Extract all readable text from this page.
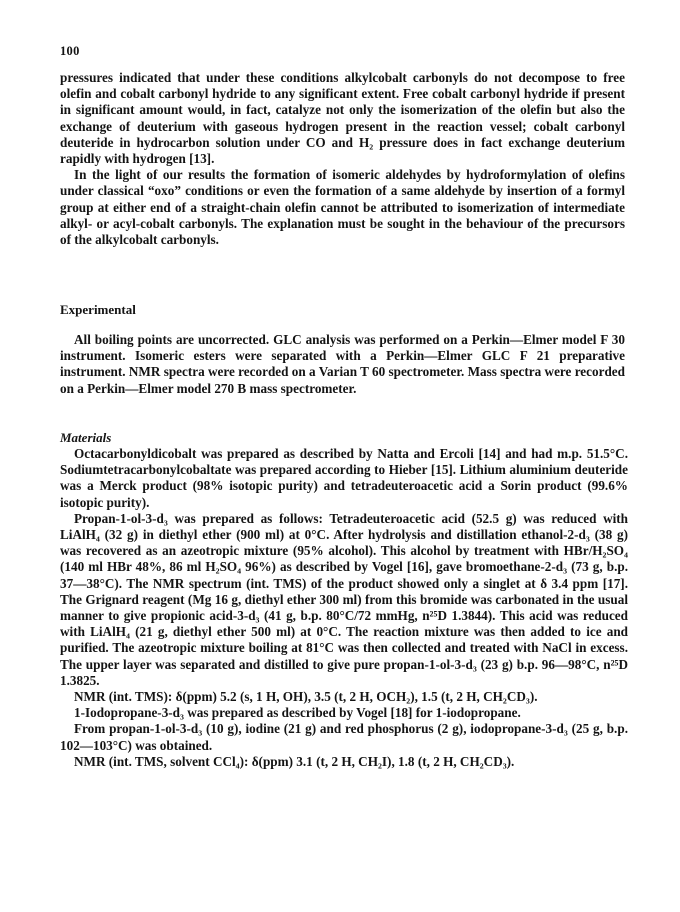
100

pressures indicated that under these conditions alkylcobalt carbonyls do not decompose to free olefin and cobalt carbonyl hydride to any significant extent. Free cobalt carbonyl hydride if present in significant amount would, in fact, catalyze not only the isomerization of the olefin but also the exchange of deuterium with gaseous hydrogen present in the reaction vessel; cobalt carbonyl deuteride in hydrocarbon solution under CO and H₂ pressure does in fact exchange deuterium rapidly with hydrogen [13].

In the light of our results the formation of isomeric aldehydes by hydroformylation of olefins under classical “oxo” conditions or even the formation of a same aldehyde by insertion of a formyl group at either end of a straight-chain olefin cannot be attributed to isomerization of intermediate alkyl- or acyl-cobalt carbonyls. The explanation must be sought in the behaviour of the precursors of the alkylcobalt carbonyls.

Experimental

All boiling points are uncorrected. GLC analysis was performed on a Perkin—Elmer model F 30 instrument. Isomeric esters were separated with a Perkin—Elmer GLC F 21 preparative instrument. NMR spectra were recorded on a Varian T 60 spectrometer. Mass spectra were recorded on a Perkin—Elmer model 270 B mass spectrometer.

Materials

Octacarbonyldicobalt was prepared as described by Natta and Ercoli [14] and had m.p. 51.5°C. Sodiumtetracarbonylcobaltate was prepared according to Hieber [15]. Lithium aluminium deuteride was a Merck product (98% isotopic purity) and tetradeuteroacetic acid a Sorin product (99.6% isotopic purity).

Propan-1-ol-3-d₃ was prepared as follows: Tetradeuteroacetic acid (52.5 g) was reduced with LiAlH₄ (32 g) in diethyl ether (900 ml) at 0°C. After hydrolysis and distillation ethanol-2-d₃ (38 g) was recovered as an azeotropic mixture (95% alcohol). This alcohol by treatment with HBr/H₂SO₄ (140 ml HBr 48%, 86 ml H₂SO₄ 96%) as described by Vogel [16], gave bromoethane-2-d₃ (73 g, b.p. 37—38°C). The NMR spectrum (int. TMS) of the product showed only a singlet at δ 3.4 ppm [17]. The Grignard reagent (Mg 16 g, diethyl ether 300 ml) from this bromide was carbonated in the usual manner to give propionic acid-3-d₃ (41 g, b.p. 80°C/72 mmHg, n²⁵D 1.3844). This acid was reduced with LiAlH₄ (21 g, diethyl ether 500 ml) at 0°C. The reaction mixture was then added to ice and purified. The azeotropic mixture boiling at 81°C was then collected and treated with NaCl in excess. The upper layer was separated and distilled to give pure propan-1-ol-3-d₃ (23 g) b.p. 96—98°C, n²⁵D 1.3825.

NMR (int. TMS): δ(ppm) 5.2 (s, 1 H, OH), 3.5 (t, 2 H, OCH₂), 1.5 (t, 2 H, CH₂CD₃).

1-Iodopropane-3-d₃ was prepared as described by Vogel [18] for 1-iodopropane.

From propan-1-ol-3-d₃ (10 g), iodine (21 g) and red phosphorus (2 g), iodopropane-3-d₃ (25 g, b.p. 102—103°C) was obtained.

NMR (int. TMS, solvent CCl₄): δ(ppm) 3.1 (t, 2 H, CH₂I), 1.8 (t, 2 H, CH₂CD₃).
